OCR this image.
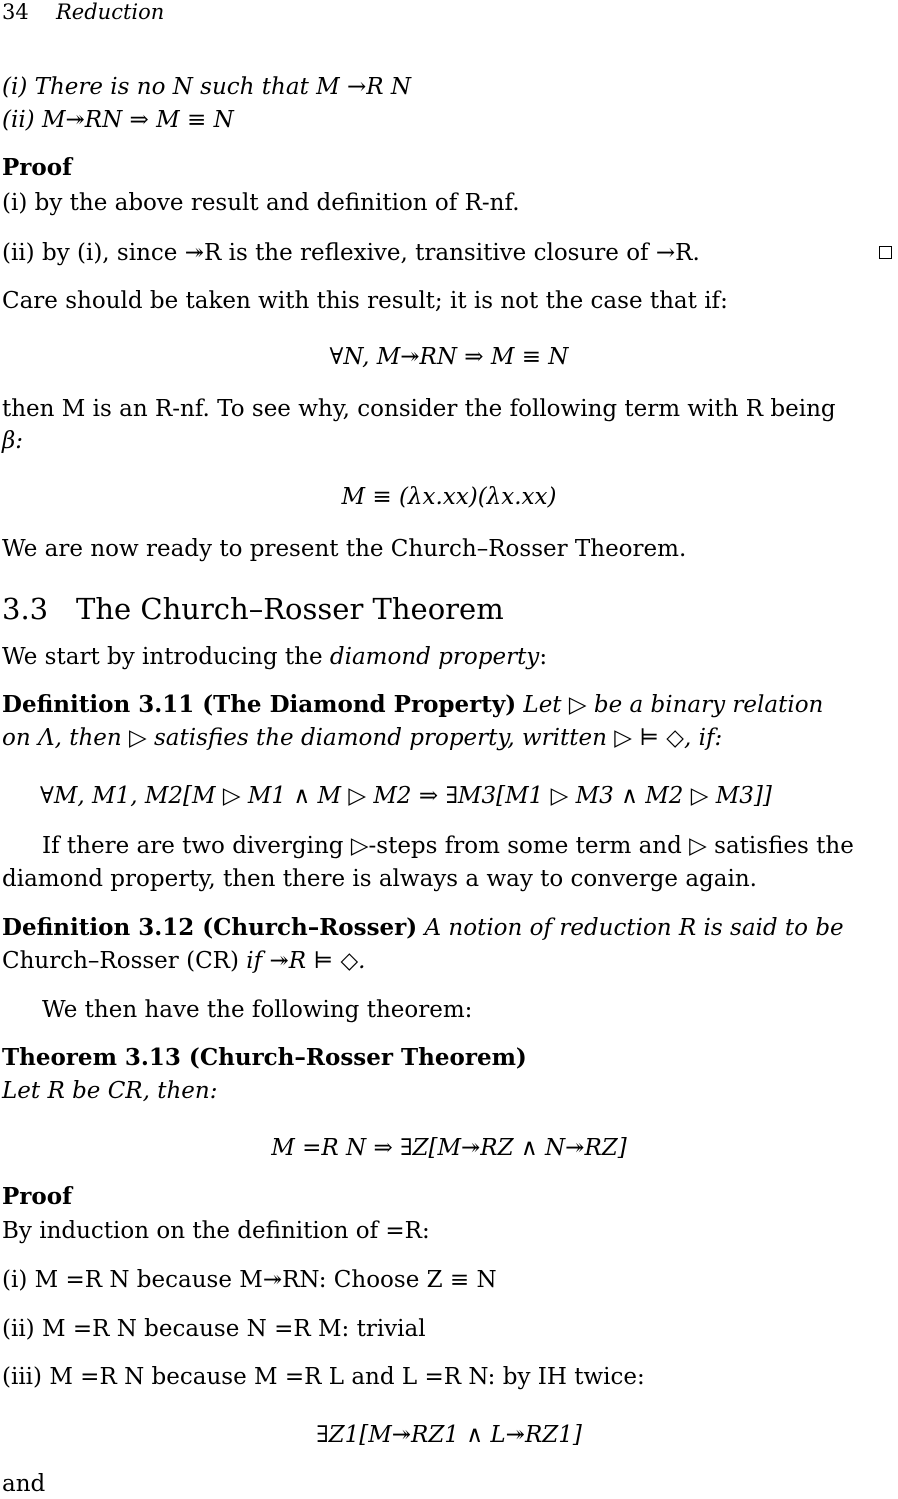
34 Reduction
(i) There is no N such that M →R N
(ii) M↠RN ⇒ M ≡ N
Proof
(i) by the above result and definition of R-nf.
(ii) by (i), since ↠R is the reflexive, transitive closure of →R.
Care should be taken with this result; it is not the case that if:
∀N, M↠RN ⇒ M ≡ N
then M is an R-nf. To see why, consider the following term with R being
β:
M ≡ (λx.xx)(λx.xx)
We are now ready to present the Church–Rosser Theorem.
3.3 The Church–Rosser Theorem
We start by introducing the diamond property:
Definition 3.11 (The Diamond Property) Let ▷ be a binary relation
on Λ, then ▷ satisfies the diamond property, written ▷ ⊨ ◇, if:
∀M, M1, M2[M ▷ M1 ∧ M ▷ M2 ⇒ ∃M3[M1 ▷ M3 ∧ M2 ▷ M3]]
If there are two diverging ▷-steps from some term and ▷ satisfies the
diamond property, then there is always a way to converge again.
Definition 3.12 (Church–Rosser) A notion of reduction R is said to be
Church–Rosser (CR) if ↠R ⊨ ◇.
We then have the following theorem:
Theorem 3.13 (Church–Rosser Theorem)
Let R be CR, then:
M =R N ⇒ ∃Z[M↠RZ ∧ N↠RZ]
Proof
By induction on the definition of =R:
(i) M =R N because M↠RN: Choose Z ≡ N
(ii) M =R N because N =R M: trivial
(iii) M =R N because M =R L and L =R N: by IH twice:
∃Z1[M↠RZ1 ∧ L↠RZ1]
and
